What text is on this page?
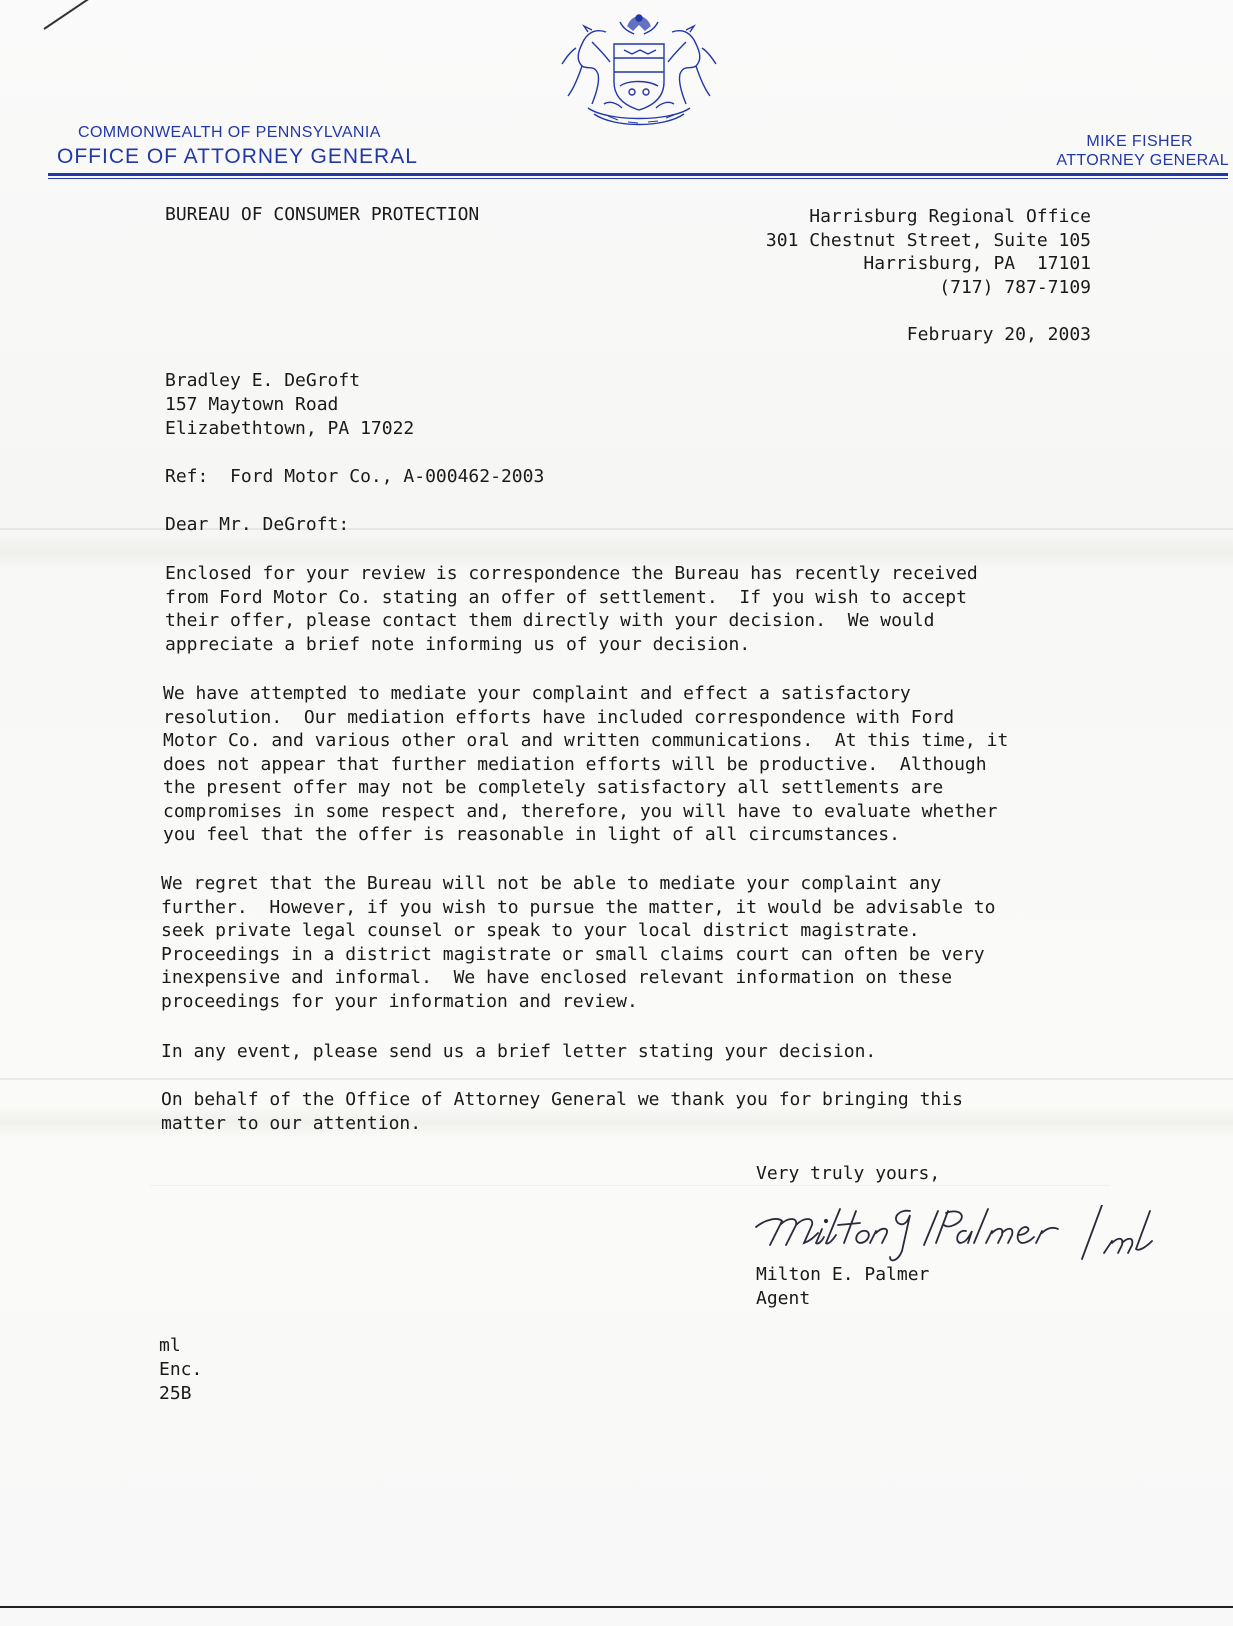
COMMONWEALTH OF PENNSYLVANIA
OFFICE OF ATTORNEY GENERAL
MIKE FISHER
ATTORNEY GENERAL
BUREAU OF CONSUMER PROTECTION	Harrisburg Regional Office
301 Chestnut Street, Suite 105
Harrisburg, PA  17101
(717) 787-7109
February 20, 2003
Bradley E. DeGroft
157 Maytown Road
Elizabethtown, PA 17022
Ref:  Ford Motor Co., A-000462-2003
Dear Mr. DeGroft:
Enclosed for your review is correspondence the Bureau has recently received
from Ford Motor Co. stating an offer of settlement.  If you wish to accept
their offer, please contact them directly with your decision.  We would
appreciate a brief note informing us of your decision.
We have attempted to mediate your complaint and effect a satisfactory
resolution.  Our mediation efforts have included correspondence with Ford
Motor Co. and various other oral and written communications.  At this time, it
does not appear that further mediation efforts will be productive.  Although
the present offer may not be completely satisfactory all settlements are
compromises in some respect and, therefore, you will have to evaluate whether
you feel that the offer is reasonable in light of all circumstances.
We regret that the Bureau will not be able to mediate your complaint any
further.  However, if you wish to pursue the matter, it would be advisable to
seek private legal counsel or speak to your local district magistrate.
Proceedings in a district magistrate or small claims court can often be very
inexpensive and informal.  We have enclosed relevant information on these
proceedings for your information and review.
In any event, please send us a brief letter stating your decision.
On behalf of the Office of Attorney General we thank you for bringing this
matter to our attention.
Very truly yours,
Milton E. Palmer
Agent
ml
Enc.
25B
